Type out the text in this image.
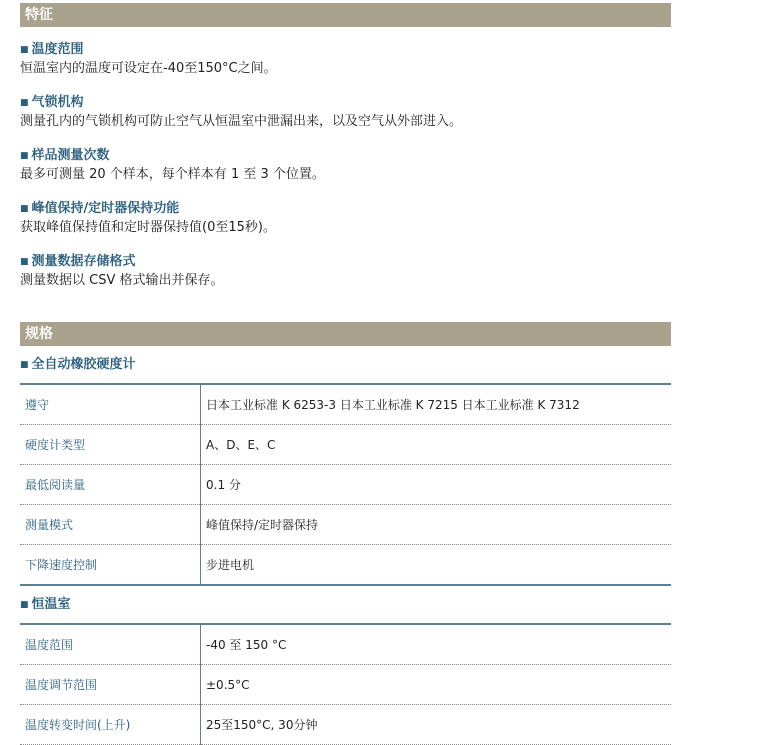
特征
■ 温度范围
恒温室内的温度可设定在-40至150°C之间。
■ 气锁机构
测量孔内的气锁机构可防止空气从恒温室中泄漏出来，以及空气从外部进入。
■ 样品测量次数
最多可测量 20 个样本，每个样本有 1 至 3 个位置。
■ 峰值保持/定时器保持功能
获取峰值保持值和定时器保持值(0至15秒)。
■ 测量数据存储格式
测量数据以 CSV 格式输出并保存。
规格
■ 全自动橡胶硬度计
遵守	日本工业标准 K 6253-3 日本工业标准 K 7215 日本工业标准 K 7312
硬度计类型	A、D、E、C
最低阅读量	0.1 分
测量模式	峰值保持/定时器保持
下降速度控制	步进电机
■ 恒温室
温度范围	-40 至 150 °C
温度调节范围	±0.5°C
温度转变时间(上升)	25至150°C, 30分钟
